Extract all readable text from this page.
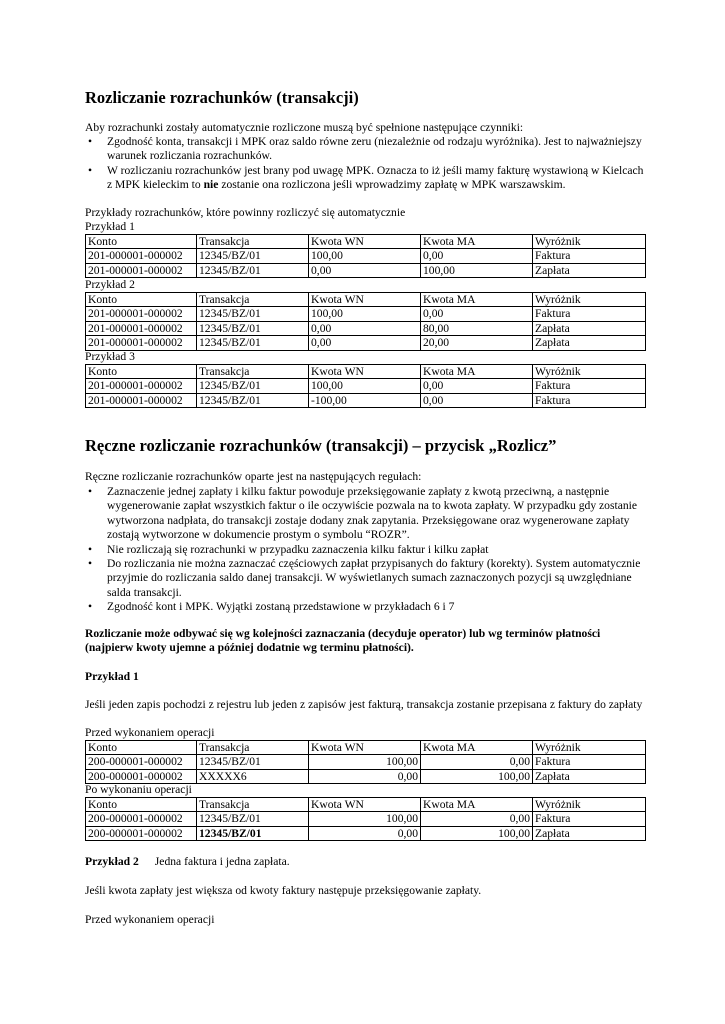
Rozliczanie rozrachunków (transakcji)
Aby rozrachunki zostały automatycznie rozliczone muszą być spełnione następujące czynniki:
• Zgodność konta, transakcji i MPK oraz saldo równe zeru (niezależnie od rodzaju wyróżnika). Jest to najważniejszy warunek rozliczania rozrachunków.
• W rozliczaniu rozrachunków jest brany pod uwagę MPK. Oznacza to iż jeśli mamy fakturę wystawioną w Kielcach z MPK kieleckim to nie zostanie ona rozliczona jeśli wprowadzimy zapłatę w MPK warszawskim.
Przykłady rozrachunków, które powinny rozliczyć się automatycznie
Przykład 1
Konto	Transakcja	Kwota WN	Kwota MA	Wyróżnik
201-000001-000002	12345/BZ/01	100,00	0,00	Faktura
201-000001-000002	12345/BZ/01	0,00	100,00	Zapłata
Przykład 2
Konto	Transakcja	Kwota WN	Kwota MA	Wyróżnik
201-000001-000002	12345/BZ/01	100,00	0,00	Faktura
201-000001-000002	12345/BZ/01	0,00	80,00	Zapłata
201-000001-000002	12345/BZ/01	0,00	20,00	Zapłata
Przykład 3
Konto	Transakcja	Kwota WN	Kwota MA	Wyróżnik
201-000001-000002	12345/BZ/01	100,00	0,00	Faktura
201-000001-000002	12345/BZ/01	-100,00	0,00	Faktura
Ręczne rozliczanie rozrachunków (transakcji) – przycisk „Rozlicz”
Ręczne rozliczanie rozrachunków oparte jest na następujących regułach:
• Zaznaczenie jednej zapłaty i kilku faktur powoduje przeksięgowanie zapłaty z kwotą przeciwną, a następnie wygenerowanie zapłat wszystkich faktur o ile oczywiście pozwala na to kwota zapłaty. W przypadku gdy zostanie wytworzona nadpłata, do transakcji zostaje dodany znak zapytania. Przeksięgowane oraz wygenerowane zapłaty zostają wytworzone w dokumencie prostym o symbolu “ROZR”.
• Nie rozliczają się rozrachunki w przypadku zaznaczenia kilku faktur i kilku zapłat
• Do rozliczania nie można zaznaczać częściowych zapłat przypisanych do faktury (korekty). System automatycznie przyjmie do rozliczania saldo danej transakcji. W wyświetlanych sumach zaznaczonych pozycji są uwzględniane salda transakcji.
• Zgodność kont i MPK. Wyjątki zostaną przedstawione w przykładach 6 i 7
Rozliczanie może odbywać się wg kolejności zaznaczania (decyduje operator) lub wg terminów płatności (najpierw kwoty ujemne a później dodatnie wg terminu płatności).
Przykład 1
Jeśli jeden zapis pochodzi z rejestru lub jeden z zapisów jest fakturą, transakcja zostanie przepisana z faktury do zapłaty
Przed wykonaniem operacji
Konto	Transakcja	Kwota WN	Kwota MA	Wyróżnik
200-000001-000002	12345/BZ/01	100,00	0,00	Faktura
200-000001-000002	XXXXX6	0,00	100,00	Zapłata
Po wykonaniu operacji
Konto	Transakcja	Kwota WN	Kwota MA	Wyróżnik
200-000001-000002	12345/BZ/01	100,00	0,00	Faktura
200-000001-000002	12345/BZ/01	0,00	100,00	Zapłata
Przykład 2 Jedna faktura i jedna zapłata.
Jeśli kwota zapłaty jest większa od kwoty faktury następuje przeksięgowanie zapłaty.
Przed wykonaniem operacji
